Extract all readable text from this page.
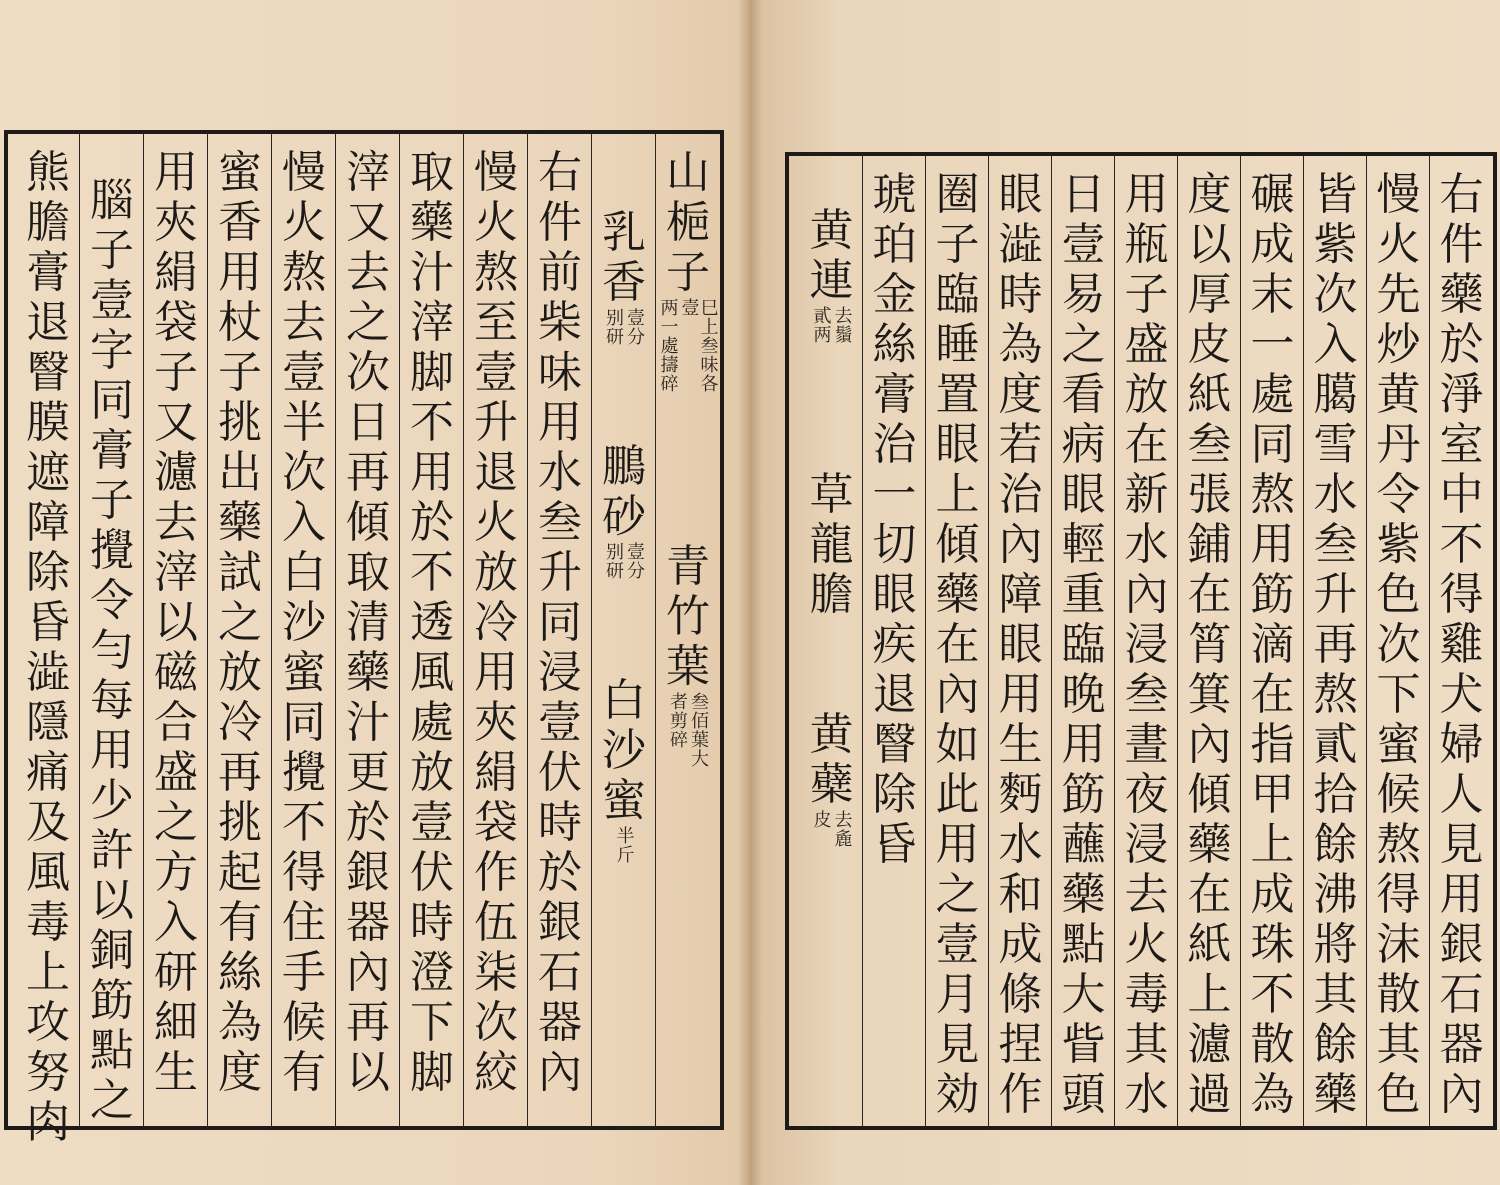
山
梔
子
巳上叁味各壹
两一處擣碎
青
竹
葉
叁佰葉大
者剪碎
乳
香
壹分
别研
鵬
砂
壹分
别研
白
沙
蜜
半斤
右
件
前
柴
味
用
水
叁
升
同
浸
壹
伏
時
於
銀
石
器
內
慢
火
熬
至
壹
升
退
火
放
冷
用
夾
絹
袋
作
伍
柒
次
絞
取
藥
汁
滓
脚
不
用
於
不
透
風
處
放
壹
伏
時
澄
下
脚
滓
又
去
之
次
日
再
傾
取
清
藥
汁
更
於
銀
器
內
再
以
慢
火
熬
去
壹
半
次
入
白
沙
蜜
同
攪
不
得
住
手
候
有
蜜
香
用
杖
子
挑
出
藥
試
之
放
冷
再
挑
起
有
絲
為
度
用
夾
絹
袋
子
又
濾
去
滓
以
磁
合
盛
之
方
入
研
細
生
腦
子
壹
字
同
膏
子
攪
令
勻
每
用
少
許
以
銅
筯
點
之
熊
膽
膏
退
瞖
膜
遮
障
除
昏
澁
隱
痛
及
風
毒
上
攻
努
肉
右
件
藥
於
淨
室
中
不
得
雞
犬
婦
人
見
用
銀
石
器
內
慢
火
先
炒
黄
丹
令
紫
色
次
下
蜜
候
熬
得
沫
散
其
色
皆
紫
次
入
臈
雪
水
叁
升
再
熬
貳
拾
餘
沸
將
其
餘
藥
碾
成
末
一
處
同
熬
用
筯
滴
在
指
甲
上
成
珠
不
散
為
度
以
厚
皮
紙
叁
張
鋪
在
筲
箕
內
傾
藥
在
紙
上
濾
過
用
瓶
子
盛
放
在
新
水
內
浸
叁
晝
夜
浸
去
火
毒
其
水
日
壹
易
之
看
病
眼
輕
重
臨
晚
用
筯
蘸
藥
點
大
眥
頭
眼
澁
時
為
度
若
治
內
障
眼
用
生
麪
水
和
成
條
捏
作
圈
子
臨
睡
置
眼
上
傾
藥
在
內
如
此
用
之
壹
月
見
効
琥
珀
金
絲
膏
治
一
切
眼
疾
退
瞖
除
昏
黄
連
去鬚
貳两
草
龍
膽
黄
蘗
去麁
皮
